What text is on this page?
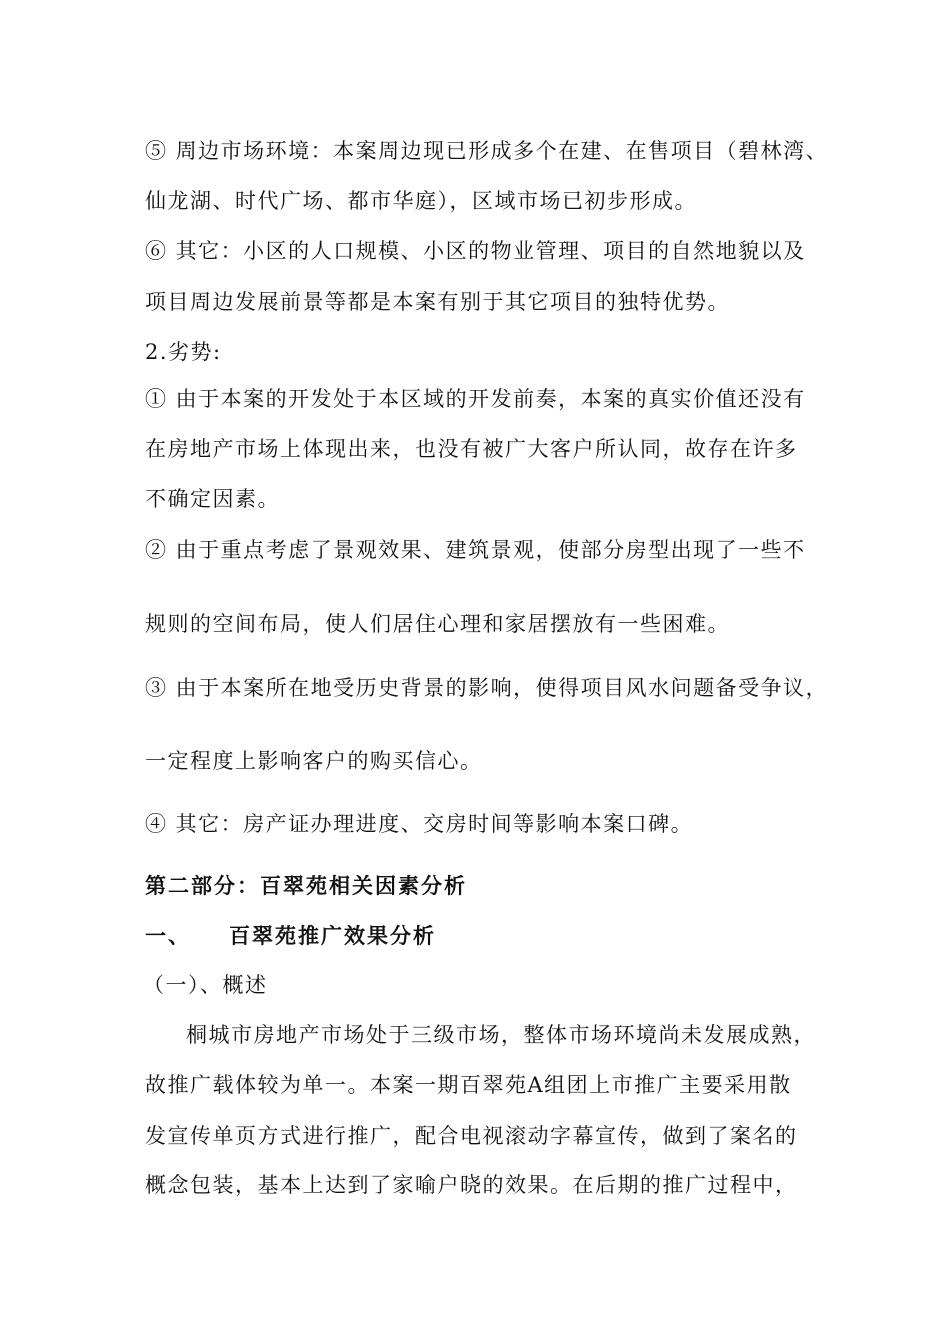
⑤ 周边市场环境：本案周边现已形成多个在建、在售项目（碧林湾、
仙龙湖、时代广场、都市华庭），区域市场已初步形成。
⑥ 其它：小区的人口规模、小区的物业管理、项目的自然地貌以及
项目周边发展前景等都是本案有别于其它项目的独特优势。
2.劣势:
① 由于本案的开发处于本区域的开发前奏，本案的真实价值还没有
在房地产市场上体现出来，也没有被广大客户所认同，故存在许多
不确定因素。
② 由于重点考虑了景观效果、建筑景观，使部分房型出现了一些不
规则的空间布局，使人们居住心理和家居摆放有一些困难。
③ 由于本案所在地受历史背景的影响，使得项目风水问题备受争议，
一定程度上影响客户的购买信心。
④ 其它：房产证办理进度、交房时间等影响本案口碑。
第二部分：百翠苑相关因素分析
一、 百翠苑推广效果分析
（一）、概述
桐城市房地产市场处于三级市场，整体市场环境尚未发展成熟，
故推广载体较为单一。本案一期百翠苑A组团上市推广主要采用散
发宣传单页方式进行推广，配合电视滚动字幕宣传，做到了案名的
概念包装，基本上达到了家喻户晓的效果。在后期的推广过程中，
